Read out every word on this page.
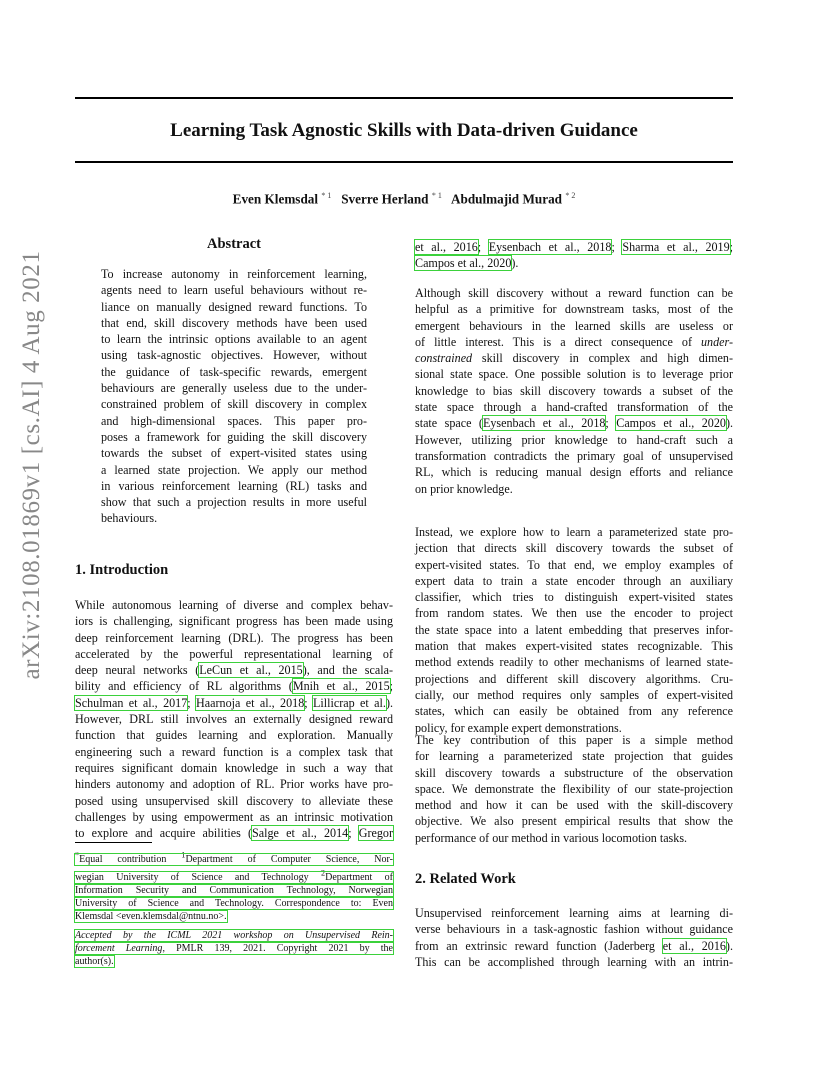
Learning Task Agnostic Skills with Data-driven Guidance
Even Klemsdal $^{* 1}$ Sverre Herland $^{* 1}$ Abdulmajid Murad $^{* 2}$
arXiv:2108.01869v1 [cs.AI] 4 Aug 2021
Abstract
To increase autonomy in reinforcement learning,
agents need to learn useful behaviours without re-
liance on manually designed reward functions. To
that end, skill discovery methods have been used
to learn the intrinsic options available to an agent
using task-agnostic objectives. However, without
the guidance of task-specific rewards, emergent
behaviours are generally useless due to the under-
constrained problem of skill discovery in complex
and high-dimensional spaces. This paper pro-
poses a framework for guiding the skill discovery
towards the subset of expert-visited states using
a learned state projection. We apply our method
in various reinforcement learning (RL) tasks and
show that such a projection results in more useful
behaviours.
1. Introduction
While autonomous learning of diverse and complex behav-
iors is challenging, significant progress has been made using
deep reinforcement learning (DRL). The progress has been
accelerated by the powerful representational learning of
deep neural networks (LeCun et al., 2015), and the scala-
bility and efficiency of RL algorithms (Mnih et al., 2015;
Schulman et al., 2017; Haarnoja et al., 2018; Lillicrap et al.).
However, DRL still involves an externally designed reward
function that guides learning and exploration. Manually
engineering such a reward function is a complex task that
requires significant domain knowledge in such a way that
hinders autonomy and adoption of RL. Prior works have pro-
posed using unsupervised skill discovery to alleviate these
challenges by using empowerment as an intrinsic motivation
to explore and acquire abilities (Salge et al., 2014; Gregor
*Equal contribution $^1$Department of Computer Science, Nor-
wegian University of Science and Technology $^2$Department of
Information Security and Communication Technology, Norwegian
University of Science and Technology. Correspondence to: Even
Klemsdal <even.klemsdal@ntnu.no>.
Accepted by the ICML 2021 workshop on Unsupervised Rein-
forcement Learning, PMLR 139, 2021. Copyright 2021 by the
author(s).
et al., 2016; Eysenbach et al., 2018; Sharma et al., 2019;
Campos et al., 2020).
Although skill discovery without a reward function can be
helpful as a primitive for downstream tasks, most of the
emergent behaviours in the learned skills are useless or
of little interest. This is a direct consequence of under-
constrained skill discovery in complex and high dimen-
sional state space. One possible solution is to leverage prior
knowledge to bias skill discovery towards a subset of the
state space through a hand-crafted transformation of the
state space (Eysenbach et al., 2018; Campos et al., 2020).
However, utilizing prior knowledge to hand-craft such a
transformation contradicts the primary goal of unsupervised
RL, which is reducing manual design efforts and reliance
on prior knowledge.
Instead, we explore how to learn a parameterized state pro-
jection that directs skill discovery towards the subset of
expert-visited states. To that end, we employ examples of
expert data to train a state encoder through an auxiliary
classifier, which tries to distinguish expert-visited states
from random states. We then use the encoder to project
the state space into a latent embedding that preserves infor-
mation that makes expert-visited states recognizable. This
method extends readily to other mechanisms of learned state-
projections and different skill discovery algorithms. Cru-
cially, our method requires only samples of expert-visited
states, which can easily be obtained from any reference
policy, for example expert demonstrations.
The key contribution of this paper is a simple method
for learning a parameterized state projection that guides
skill discovery towards a substructure of the observation
space. We demonstrate the flexibility of our state-projection
method and how it can be used with the skill-discovery
objective. We also present empirical results that show the
performance of our method in various locomotion tasks.
2. Related Work
Unsupervised reinforcement learning aims at learning di-
verse behaviours in a task-agnostic fashion without guidance
from an extrinsic reward function (Jaderberg et al., 2016).
This can be accomplished through learning with an intrin-
